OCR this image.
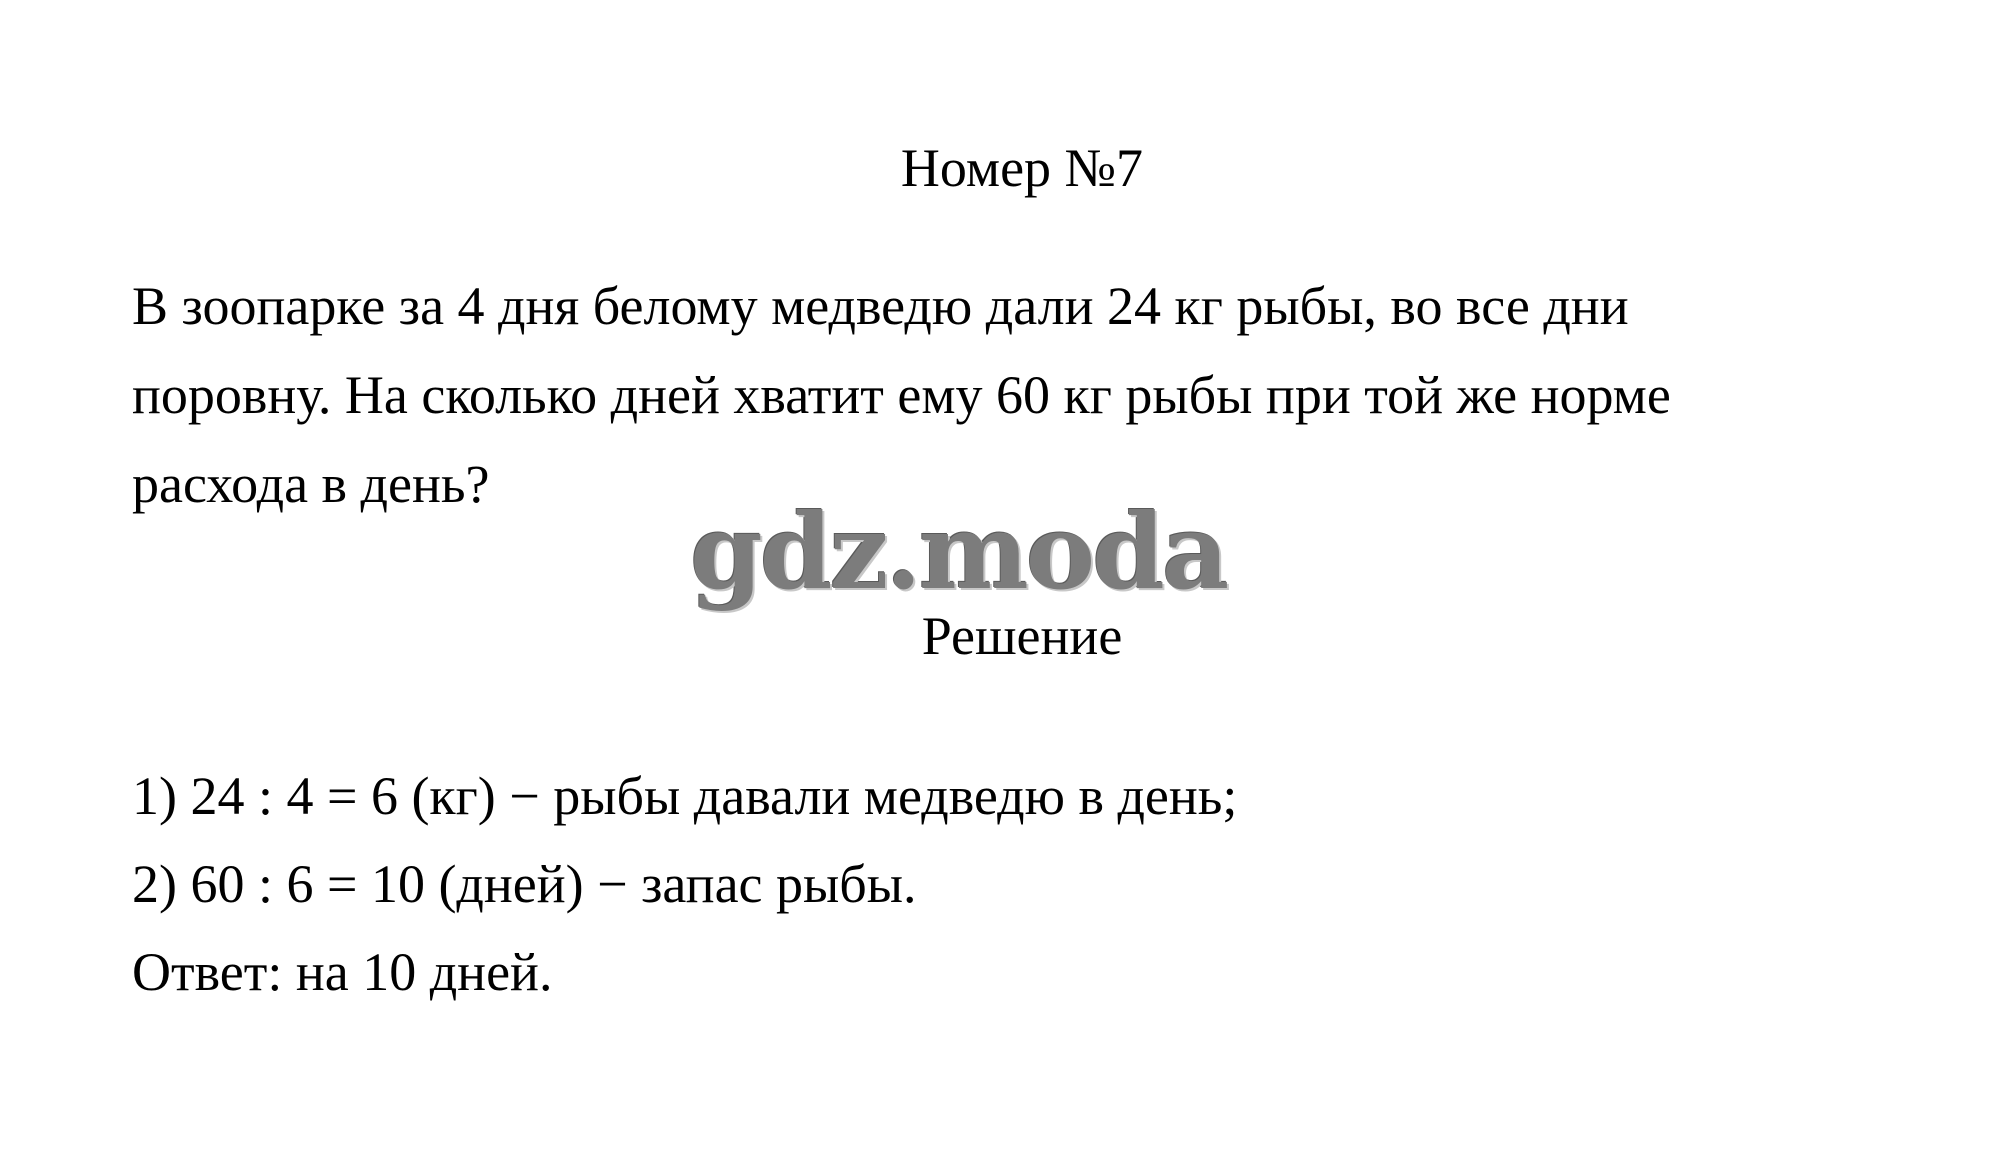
Номер №7
В зоопарке за 4 дня белому медведю дали 24 кг рыбы, во все дни
поровну. На сколько дней хватит ему 60 кг рыбы при той же норме
расхода в день?
gdz.moda
Решение
1) 24 : 4 = 6 (кг) − рыбы давали медведю в день;
2) 60 : 6 = 10 (дней) − запас рыбы.
Ответ: на 10 дней.
